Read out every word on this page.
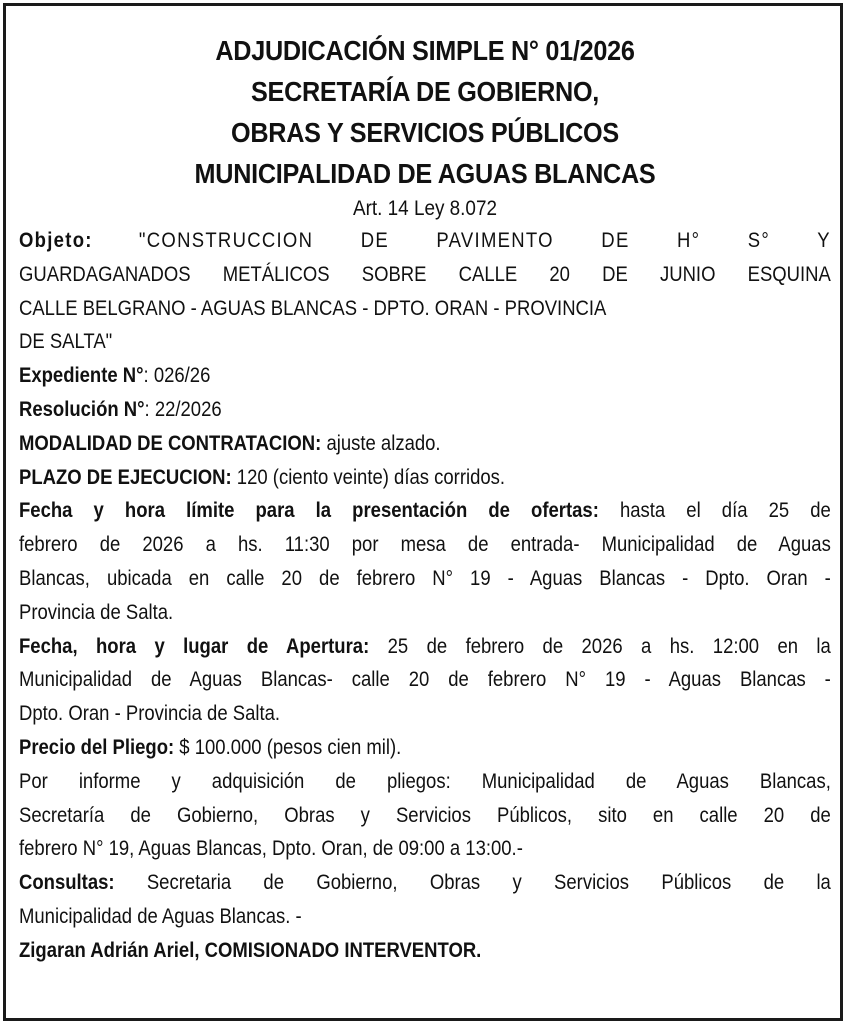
ADJUDICACIÓN SIMPLE N° 01/2026
SECRETARÍA DE GOBIERNO,
OBRAS Y SERVICIOS PÚBLICOS
MUNICIPALIDAD DE AGUAS BLANCAS
Art. 14 Ley 8.072
Objeto: "CONSTRUCCION DE PAVIMENTO DE H° S° Y
GUARDAGANADOS METÁLICOS SOBRE CALLE 20 DE JUNIO ESQUINA
CALLE BELGRANO - AGUAS BLANCAS - DPTO. ORAN - PROVINCIA
DE SALTA"
Expediente N°: 026/26
Resolución N°: 22/2026
MODALIDAD DE CONTRATACION: ajuste alzado.
PLAZO DE EJECUCION: 120 (ciento veinte) días corridos.
Fecha y hora límite para la presentación de ofertas: hasta el día 25 de
febrero de 2026 a hs. 11:30 por mesa de entrada- Municipalidad de Aguas
Blancas, ubicada en calle 20 de febrero N° 19 - Aguas Blancas - Dpto. Oran -
Provincia de Salta.
Fecha, hora y lugar de Apertura: 25 de febrero de 2026 a hs. 12:00 en la
Municipalidad de Aguas Blancas- calle 20 de febrero N° 19 - Aguas Blancas -
Dpto. Oran - Provincia de Salta.
Precio del Pliego: $ 100.000 (pesos cien mil).
Por informe y adquisición de pliegos: Municipalidad de Aguas Blancas,
Secretaría de Gobierno, Obras y Servicios Públicos, sito en calle 20 de
febrero N° 19, Aguas Blancas, Dpto. Oran, de 09:00 a 13:00.-
Consultas: Secretaria de Gobierno, Obras y Servicios Públicos de la
Municipalidad de Aguas Blancas. -
Zigaran Adrián Ariel, COMISIONADO INTERVENTOR.
